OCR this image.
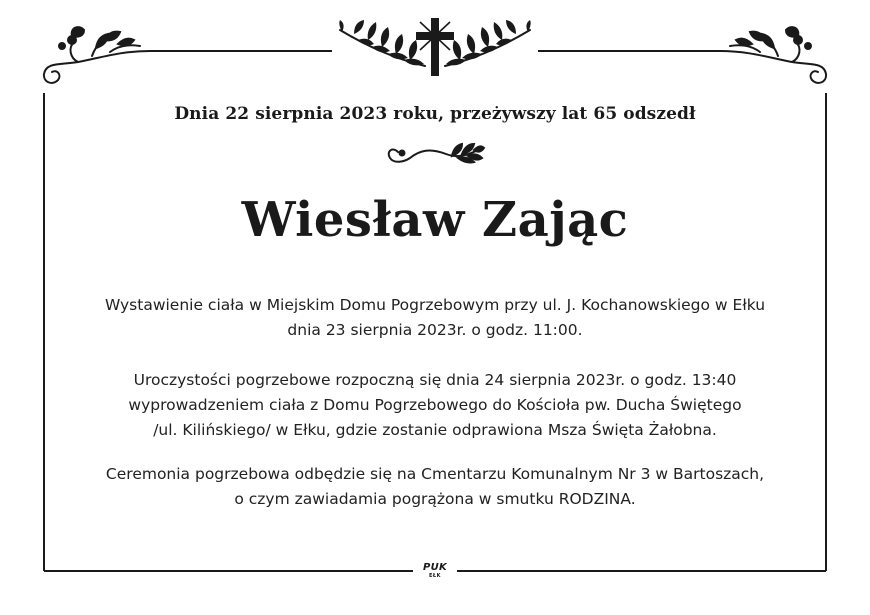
Dnia 22 sierpnia 2023 roku, przeżywszy lat 65 odszedł
Wiesław Zając
Wystawienie ciała w Miejskim Domu Pogrzebowym przy ul. J. Kochanowskiego w Ełku
dnia 23 sierpnia 2023r. o godz. 11:00.
Uroczystości pogrzebowe rozpoczną się dnia 24 sierpnia 2023r. o godz. 13:40
wyprowadzeniem ciała z Domu Pogrzebowego do Kościoła pw. Ducha Świętego
/ul. Kilińskiego/ w Ełku, gdzie zostanie odprawiona Msza Święta Żałobna.
Ceremonia pogrzebowa odbędzie się na Cmentarzu Komunalnym Nr 3 w Bartoszach,
o czym zawiadamia pogrążona w smutku RODZINA.
PUK
EŁK
